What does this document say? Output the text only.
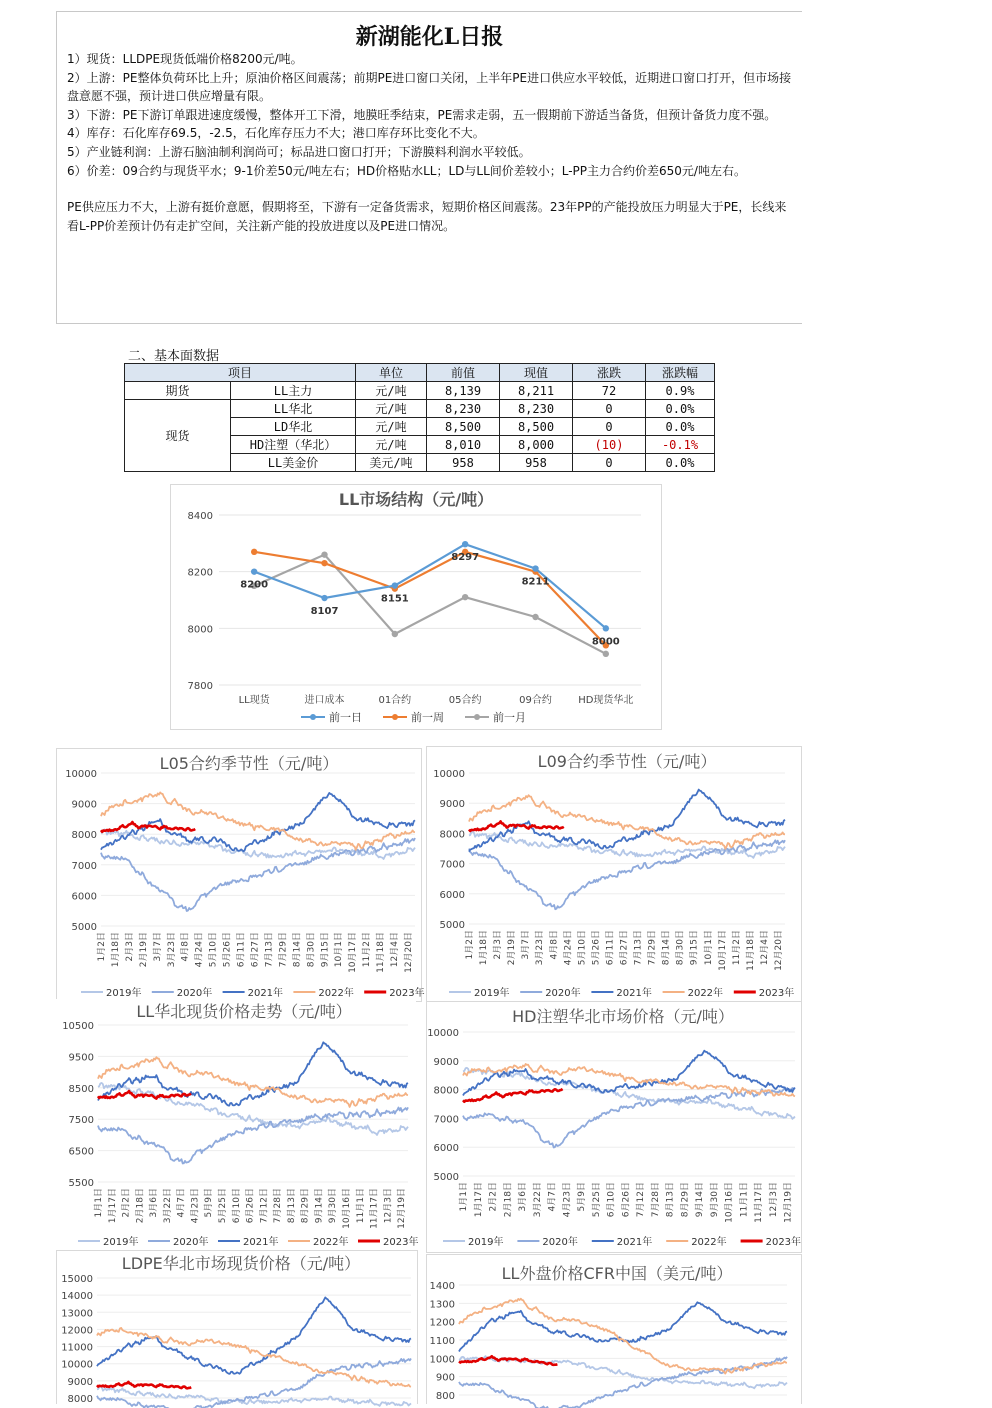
新湖能化L日报
1）现货：LLDPE现货低端价格8200元/吨。
2）上游：PE整体负荷环比上升；原油价格区间震荡；前期PE进口窗口关闭，上半年PE进口供应水平较低，近期进口窗口打开，但市场接盘意愿不强，预计进口供应增量有限。
3）下游：PE下游订单跟进速度缓慢，整体开工下滑，地膜旺季结束，PE需求走弱，五一假期前下游适当备货，但预计备货力度不强。
4）库存：石化库存69.5，-2.5，石化库存压力不大；港口库存环比变化不大。
5）产业链利润：上游石脑油制利润尚可；标品进口窗口打开；下游膜料利润水平较低。
6）价差：09合约与现货平水；9-1价差50元/吨左右；HD价格贴水LL；LD与LL间价差较小；L-PP主力合约价差650元/吨左右。
PE供应压力不大，上游有挺价意愿，假期将至，下游有一定备货需求，短期价格区间震荡。23年PP的产能投放压力明显大于PE，长线来看L-PP价差预计仍有走扩空间，关注新产能的投放进度以及PE进口情况。
二、基本面数据
项目		单位	前值	现值	涨跌	涨跌幅
期货	LL主力	元/吨	8,139	8,211	72	0.9%
现货	LL华北	元/吨	8,230	8,230	0	0.0%
	LD华北	元/吨	8,500	8,500	0	0.0%
	HD注塑（华北）	元/吨	8,010	8,000	(10)	-0.1%
	LL美金价	美元/吨	958	958	0	0.0%
LL市场结构（元/吨）
7800
8000
8200
8400
LL现货	进口成本	01合约	05合约	09合约	HD现货华北
8200
8107
8151
8297
8211
8000
前一日	前一周	前一月
L05合约季节性（元/吨）
5000
6000
7000
8000
9000
10000
1月2日 1月18日 2月3日 2月19日 3月7日 3月23日 4月8日 4月24日 5月10日 5月26日 6月11日 6月27日 7月13日 7月29日 8月14日 8月30日 9月15日 10月1日 10月17日 11月2日 11月18日 12月4日 12月20日
2019年	2020年	2021年	2022年	2023年
L09合约季节性（元/吨）
5000
6000
7000
8000
9000
10000
1月2日 1月18日 2月3日 2月19日 3月7日 3月23日 4月8日 4月24日 5月10日 5月26日 6月11日 6月27日 7月13日 7月29日 8月14日 8月30日 9月15日 10月1日 10月17日 11月2日 11月18日 12月4日 12月20日
2019年	2020年	2021年	2022年	2023年
LL华北现货价格走势（元/吨）
5500
6500
7500
8500
9500
10500
1月1日 1月17日 2月2日 2月18日 3月6日 3月22日 4月7日 4月23日 5月9日 5月25日 6月10日 6月26日 7月12日 7月28日 8月13日 8月29日 9月14日 9月30日 10月16日 11月1日 11月17日 12月3日 12月19日
2019年	2020年	2021年	2022年	2023年
HD注塑华北市场价格（元/吨）
5000
6000
7000
8000
9000
10000
1月1日 1月17日 2月2日 2月18日 3月6日 3月22日 4月7日 4月23日 5月9日 5月25日 6月10日 6月26日 7月12日 7月28日 8月13日 8月29日 9月14日 9月30日 10月16日 11月1日 11月17日 12月3日 12月19日
2019年	2020年	2021年	2022年	2023年
LDPE华北市场现货价格（元/吨）
8000
9000
10000
11000
12000
13000
14000
15000	LL外盘价格CFR中国（美元/吨）
800
900
1000
1100
1200
1300
1400
